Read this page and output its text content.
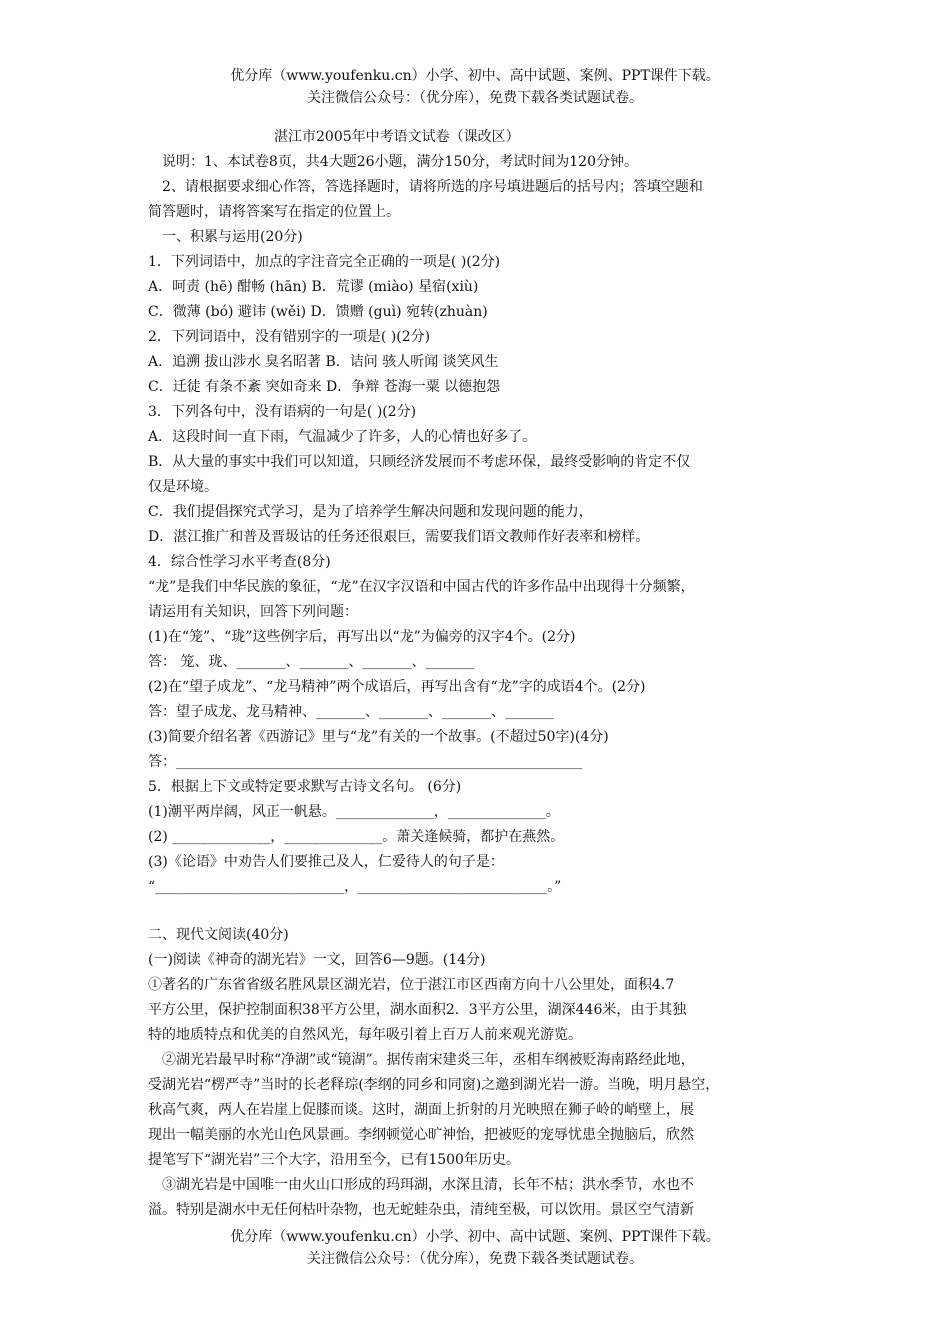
优分库（www.youfenku.cn）小学、初中、高中试题、案例、PPT课件下载。
关注微信公众号：（优分库），免费下载各类试题试卷。
　　　　　　　　　湛江市2005年中考语文试卷（课改区）
　说明：1、本试卷8页，共4大题26小题，满分150分，考试时间为120分钟。
　2、请根据要求细心作答，答选择题时，请将所选的序号填进题后的括号内；答填空题和
简答题时，请将答案写在指定的位置上。
　一、积累与运用(20分)
1．下列词语中，加点的字注音完全正确的一项是( )(2分)
A．呵责 (hē) 酣畅 (hān) B．荒谬 (miào) 星宿(xiù)
C．微薄 (bó) 避讳 (wěi) D．馈赠 (guì) 宛转(zhuàn)
2．下列词语中，没有错别字的一项是( )(2分)
A．追溯 拔山涉水 臭名昭著 B．诘问 骇人听闻 谈笑风生
C．迁徒 有条不紊 突如奇来 D．争辩 苍海一粟 以德抱怨
3．下列各句中，没有语病的一句是( )(2分)
A．这段时间一直下雨，气温减少了许多，人的心情也好多了。
B．从大量的事实中我们可以知道，只顾经济发展而不考虑环保，最终受影响的肯定不仅
仅是环境。
C．我们提倡探究式学习，是为了培养学生解决问题和发现问题的能力，
D．湛江推广和普及晋圾诂的任务还很艰巨，需要我们语文教师作好表率和榜样。
4．综合性学习水平考查(8分)
“龙”是我们中华民族的象征，“龙”在汉字汉语和中国古代的许多作品中出现得十分频繁，
请运用有关知识，回答下列问题：
(1)在“笼”、“珑”这些例字后，再写出以“龙”为偏旁的汉字4个。(2分)
答： 笼、珑、_______、_______、_______、_______
(2)在“望子成龙”、“龙马精神”两个成语后，再写出含有“龙”字的成语4个。(2分)
答：望子成龙、龙马精神、_______、_______、_______、_______
(3)简要介绍名著《西游记》里与“龙”有关的一个故事。(不超过50字)(4分)
答：__________________________________________________________
5．根据上下文或特定要求默写古诗文名句。 (6分)
(1)潮平两岸阔，风正一帆悬。______________，______________。
(2) ______________，______________。萧关逢候骑，都护在燕然。
(3)《论语》中劝告人们要推己及人，仁爱待人的句子是：
“___________________________，___________________________。”
二、现代文阅读(40分)
(一)阅读《神奇的湖光岩》一文，回答6—9题。(14分)
①著名的广东省省级名胜风景区湖光岩，位于湛江市区西南方向十八公里处，面积4.7
平方公里，保护控制面积38平方公里，湖水面积2．3平方公里，湖深446米，由于其独
特的地质特点和优美的自然风光，每年吸引着上百万人前来观光游览。
　②湖光岩最早时称“净湖”或“镜湖”。据传南宋建炎三年，丞相车纲被贬海南路经此地，
受湖光岩“楞严寺”当时的长老释琮(李纲的同乡和同窗)之邀到湖光岩一游。当晚，明月悬空，
秋高气爽，两人在岩崖上促膝而谈。这时，湖面上折射的月光映照在狮子岭的峭壁上，展
现出一幅美丽的水光山色风景画。李纲顿觉心旷神怡，把被贬的宠辱忧患全抛脑后，欣然
提笔写下“湖光岩”三个大字，沿用至今，已有1500年历史。
　③湖光岩是中国唯一由火山口形成的玛珥湖，水深且清，长年不枯；洪水季节，水也不
溢。特别是湖水中无任何枯叶杂物，也无蛇蛙杂虫，清纯至极，可以饮用。景区空气清新
优分库（www.youfenku.cn）小学、初中、高中试题、案例、PPT课件下载。
关注微信公众号：（优分库），免费下载各类试题试卷。
